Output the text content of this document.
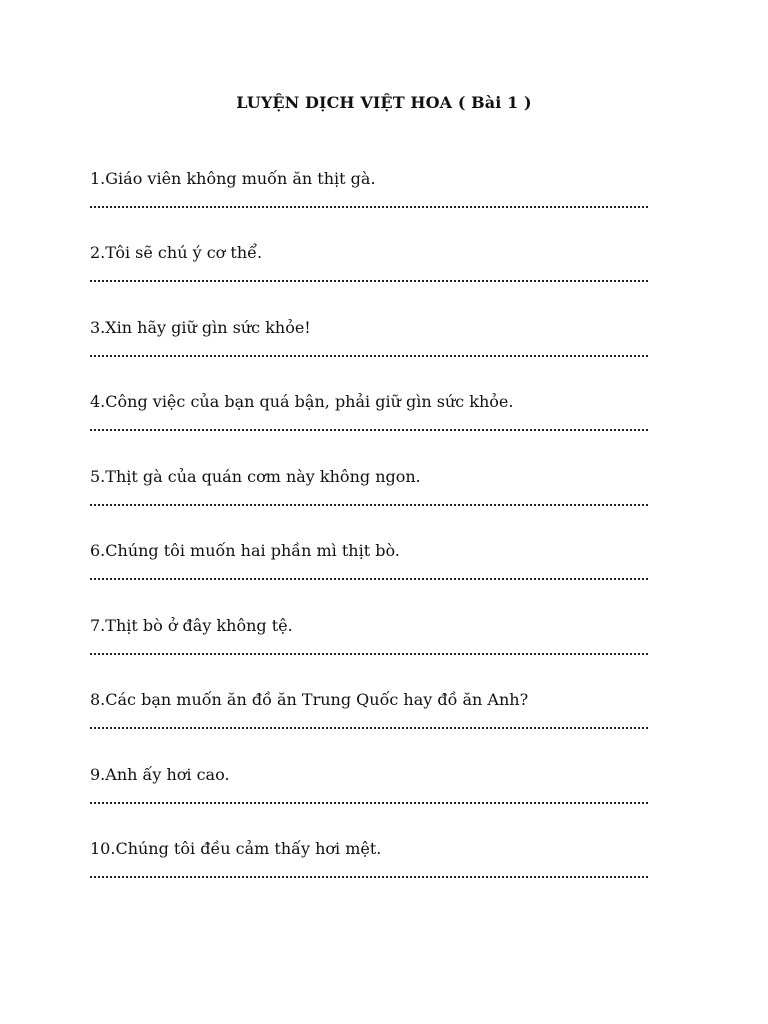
LUYỆN DỊCH VIỆT HOA ( Bài 1 )
1.Giáo viên không muốn ăn thịt gà.
2.Tôi sẽ chú ý cơ thể.
3.Xin hãy giữ gìn sức khỏe!
4.Công việc của bạn quá bận, phải giữ gìn sức khỏe.
5.Thịt gà của quán cơm này không ngon.
6.Chúng tôi muốn hai phần mì thịt bò.
7.Thịt bò ở đây không tệ.
8.Các bạn muốn ăn đồ ăn Trung Quốc hay đồ ăn Anh?
9.Anh ấy hơi cao.
10.Chúng tôi đều cảm thấy hơi mệt.
